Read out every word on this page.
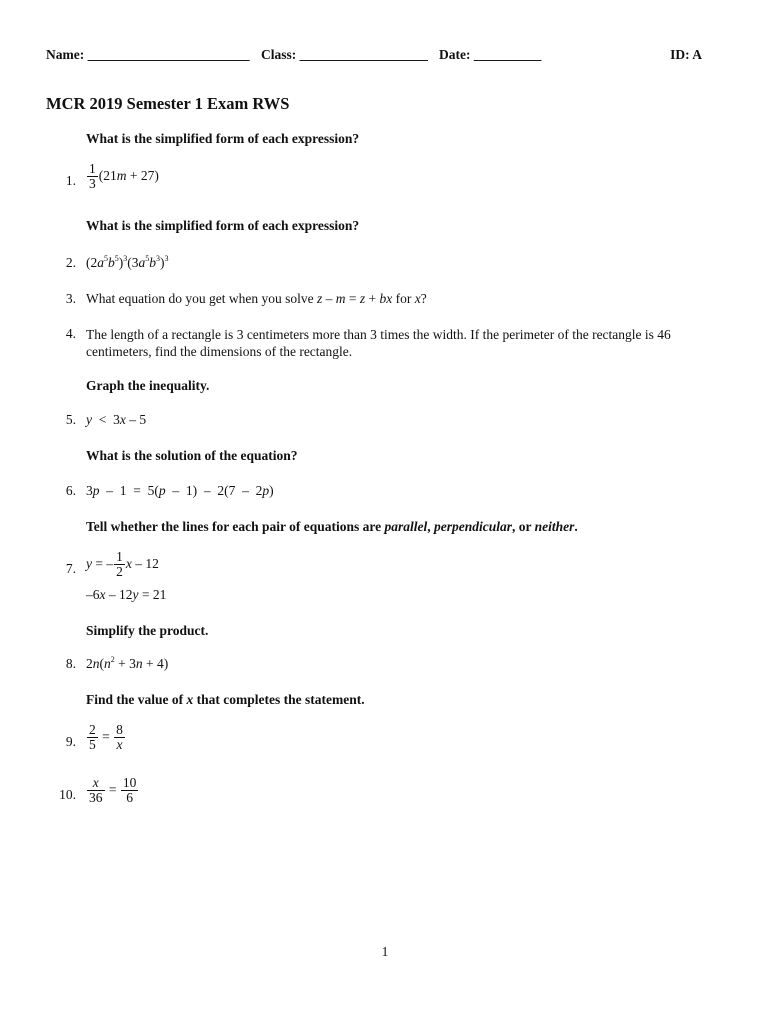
Name: ________________________ Class: ___________________ Date: __________	ID: A
MCR 2019 Semester 1 Exam RWS
What is the simplified form of each expression?
1. $\frac{1}{3} (21m + 27)$
What is the simplified form of each expression?
2. $(2a^5b^5)^3(3a^5b^3)^3$
3. What equation do you get when you solve z – m = z + bx for x?
4. The length of a rectangle is 3 centimeters more than 3 times the width. If the perimeter of the rectangle is 46 centimeters, find the dimensions of the rectangle.
Graph the inequality.
5. y  <  3x – 5
What is the solution of the equation?
6. 3p  –  1  =  5(p  –  1)  –  2(7  –  2p)
Tell whether the lines for each pair of equations are parallel, perpendicular, or neither.
7. y = – $\frac{1}{2}$ x – 12
–6x – 12y = 21
Simplify the product.
8. $2n(n^2 + 3n + 4)$
Find the value of x that completes the statement.
9. $\frac{2}{5} = \frac{8}{x}$
10. $\frac{x}{36} = \frac{10}{6}$
1
